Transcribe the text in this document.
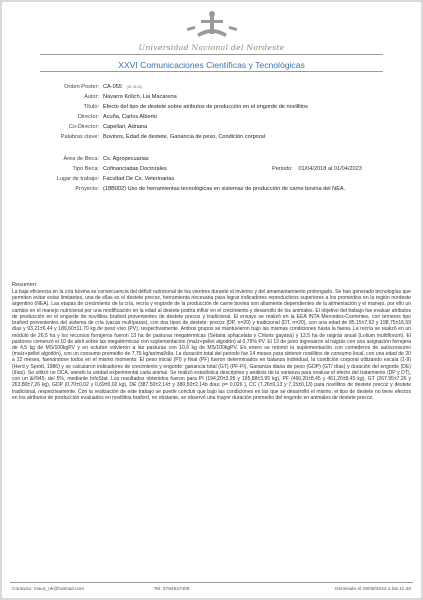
Universidad Nacional del Nordeste
XXVI Comunicaciones Científicas y Tecnológicas
Orden Poster: CA-055 (ID: 3134)
Autor: Navarro Krilich, Lia Macarena
Título: Efecto del tipo de destete sobre atributos de producción en el engorde de novillitos
Director: Acuña, Carlos Alberto
Co-Director: Capellari, Adriana
Palabras clave: Bovinos, Edad de destete, Ganancia de peso, Condición corporal
Área de Beca: Cs. Agropecuarias
Tipo Beca: Cofinanciadas Doctorales	Periodo: 01/04/2018 al 01/04/2023
Lugar de trabajo: Facultad De Cs. Veterinarias
Proyecto: (18B002) Uso de herramientas tecnológicas en sistemas de producción de carne bovina del NEA.
Resumen:
La baja eficiencia en la cría bovina es consecuencia del déficit nutricional de los vientres durante el invierno y del amamantamiento prolongado. Se han generado tecnologías que permiten evitar estas limitantes, una de ellas es el destete precoz, herramienta necesaria para lograr indicadores reproductivos superiores a los promedios en la región nordeste argentino (NEA). Las etapas de crecimiento de la cría, recría y engorde de la producción de carne bovina son altamente dependientes de la alimentación y el manejo, por ello un cambio en el manejo nutricional por una modificación en la edad al destete podría influir en el crecimiento y desarrollo de los animales. El objetivo del trabajo fue evaluar atributos de producción en el engorde de novillitos braford provenientes de destete precoz y tradicional. El ensayo se realizó en la EEA INTA Mercedes-Corrientes, con terneros tipo braford provenientes del sistema de cría (vacas multíparas), con dos tipos de destete: precoz (DP, n=20) y tradicional (DT, n=20), con una edad de 85,15±7,92 y 198,75±16,59 días y 93,21±6,44 y 189,60±11,70 kg de peso vivo (PV), respectivamente. Ambos grupos se mantuvieron bajo las mismas condiciones hasta la faena. La recría se realizó en un módulo de 26,5 ha y los recursos forrajeros fueron 13 ha de pasturas megatérmicas (Setaria sphacelata y Chloris gayana) y 13,5 ha de raigrás anual (Lolium multiflorum). El pastoreo comenzó el 10 de abril sobre las megatérmicas con suplementación (maíz+pellet algodón) al 0,75% PV. El 13 de junio ingresaron al raigrás con una asignación forrajera de 4,5 kg de MS/100kgPV y en octubre volvieron a las pasturas con 10,6 kg de MS/100kgPV. En enero se retomó la suplementación con comederos de autoconsumo (maíz+pellet algodón), con un consumo promedio de 7,75 kg/animal/día. La duración total del periodo fue 14 meses para obtener novillitos de consumo local, con una edad de 20 a 22 meses, faenándose todos en el mismo momento. El peso inicial (PI) y final (PF) fueron determinados en balanza individual, la condición corporal utilizando escala (1-9) (Herd y Sprott, 1986) y se calcularon indicadores de crecimiento y engorde: ganancia total (GT) (PF-PI), Ganancia diaria de peso (GDP) (GT/ días) y duración del engorde (DE) (días). Se utilizó un DCA, siendo la unidad experimental cada animal. Se realizó estadística descriptiva y análisis de la varianza para evaluar el efecto del tratamiento (DP y DT), con un &#945; del 5%, mediante InfoStat. Los resultados obtenidos fueron para PI (194,20±3,95 y 195,88±3,95 kg), PF (466,20±8,45 y 461,20±8,45 kg), GT (267,95±7,26 y 263,80±7,26 kg), GDP (0,70±0,02 y 0,69±0,02 kg), DE (387,50±2,14± y 380,50±2,14b días; p= 0,026 ), CC (7,26±0,13 y 7,15±0,13) para novillitos de destete precoz y destete tradicional, respectivamente. Con la realización de este trabajo se puede concluir que bajo las condiciones en las que se desarrolló el mismo, el tipo de destete no tiene efectos en los atributos de producción evaluados en novillitos braford, no obstante, se observó una mayor duración promedio del engorde en animales de destete precoz.
Contacto: maca_nk@hotmail.com	Tel: 3794937409	Generado el 29/06/2023 a las 11:46
